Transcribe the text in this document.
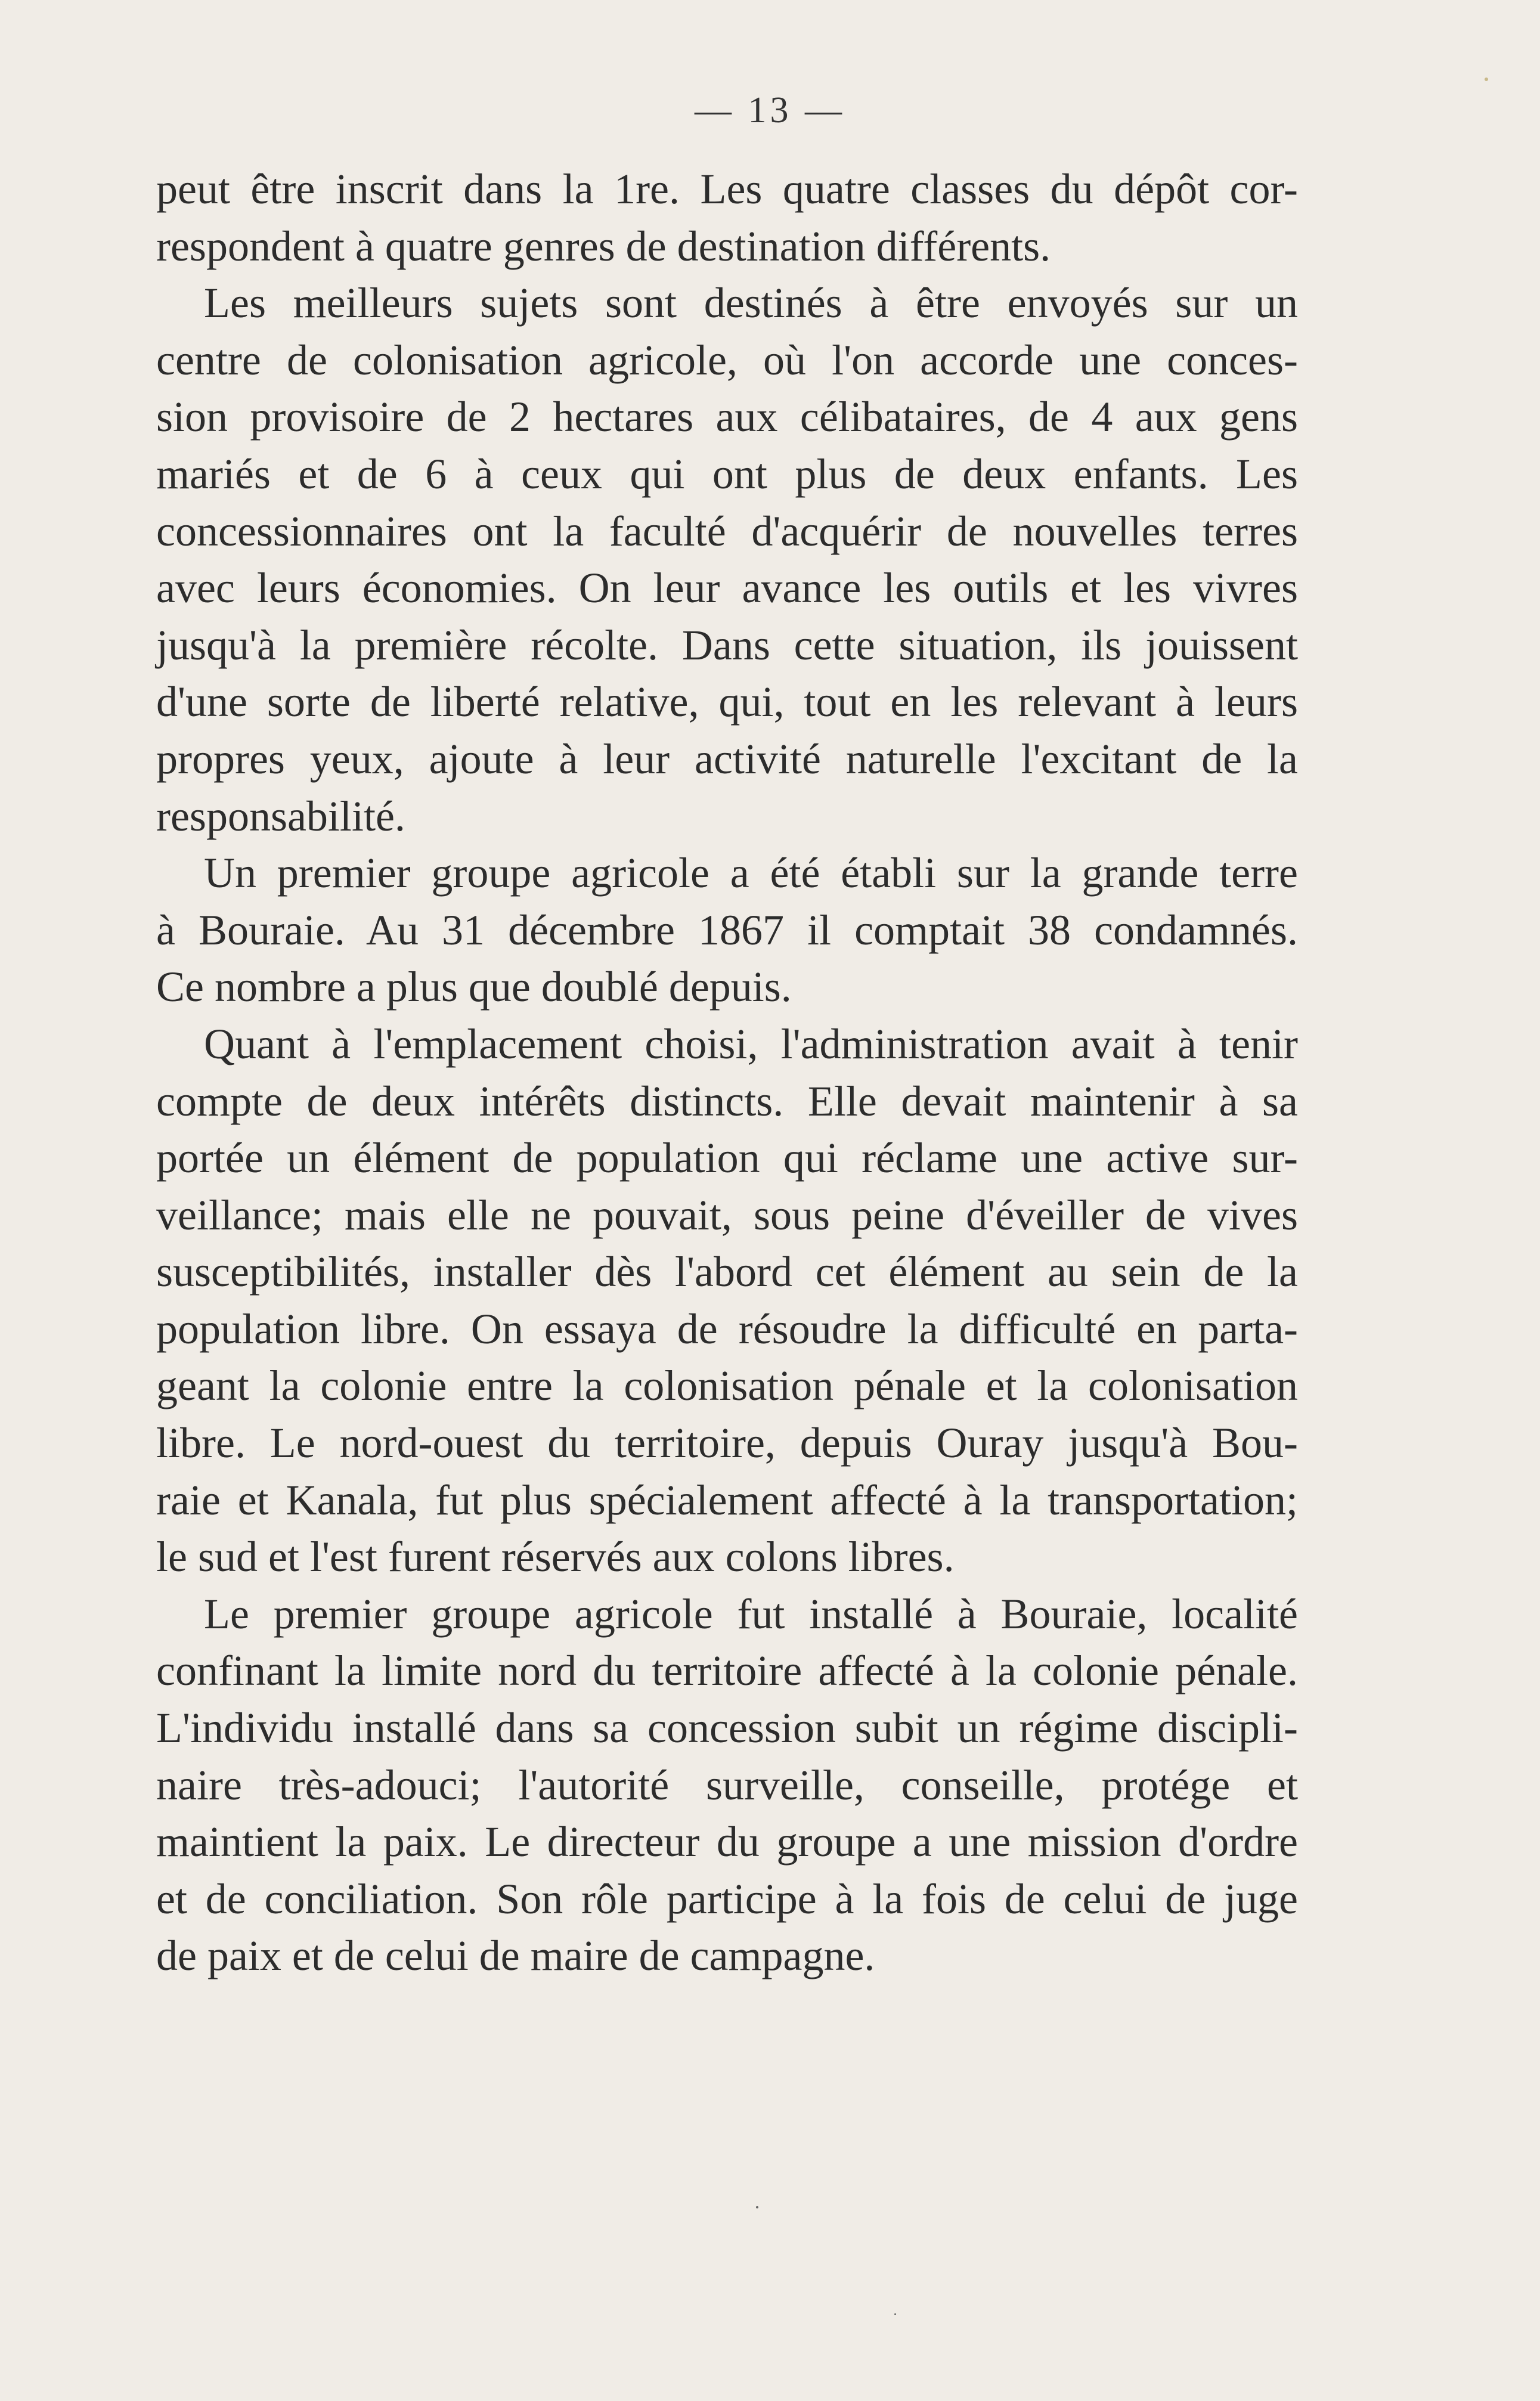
— 13 —

peut être inscrit dans la 1re. Les quatre classes du dépôt cor-
respondent à quatre genres de destination différents.

Les meilleurs sujets sont destinés à être envoyés sur un
centre de colonisation agricole, où l'on accorde une conces-
sion provisoire de 2 hectares aux célibataires, de 4 aux gens
mariés et de 6 à ceux qui ont plus de deux enfants. Les
concessionnaires ont la faculté d'acquérir de nouvelles terres
avec leurs économies. On leur avance les outils et les vivres
jusqu'à la première récolte. Dans cette situation, ils jouissent
d'une sorte de liberté relative, qui, tout en les relevant à leurs
propres yeux, ajoute à leur activité naturelle l'excitant de la
responsabilité.

Un premier groupe agricole a été établi sur la grande terre
à Bouraie. Au 31 décembre 1867 il comptait 38 condamnés.
Ce nombre a plus que doublé depuis.

Quant à l'emplacement choisi, l'administration avait à tenir
compte de deux intérêts distincts. Elle devait maintenir à sa
portée un élément de population qui réclame une active sur-
veillance; mais elle ne pouvait, sous peine d'éveiller de vives
susceptibilités, installer dès l'abord cet élément au sein de la
population libre. On essaya de résoudre la difficulté en parta-
geant la colonie entre la colonisation pénale et la colonisation
libre. Le nord-ouest du territoire, depuis Ouray jusqu'à Bou-
raie et Kanala, fut plus spécialement affecté à la transportation;
le sud et l'est furent réservés aux colons libres.

Le premier groupe agricole fut installé à Bouraie, localité
confinant la limite nord du territoire affecté à la colonie pénale.
L'individu installé dans sa concession subit un régime discipli-
naire très-adouci; l'autorité surveille, conseille, protége et
maintient la paix. Le directeur du groupe a une mission d'ordre
et de conciliation. Son rôle participe à la fois de celui de juge
de paix et de celui de maire de campagne.
